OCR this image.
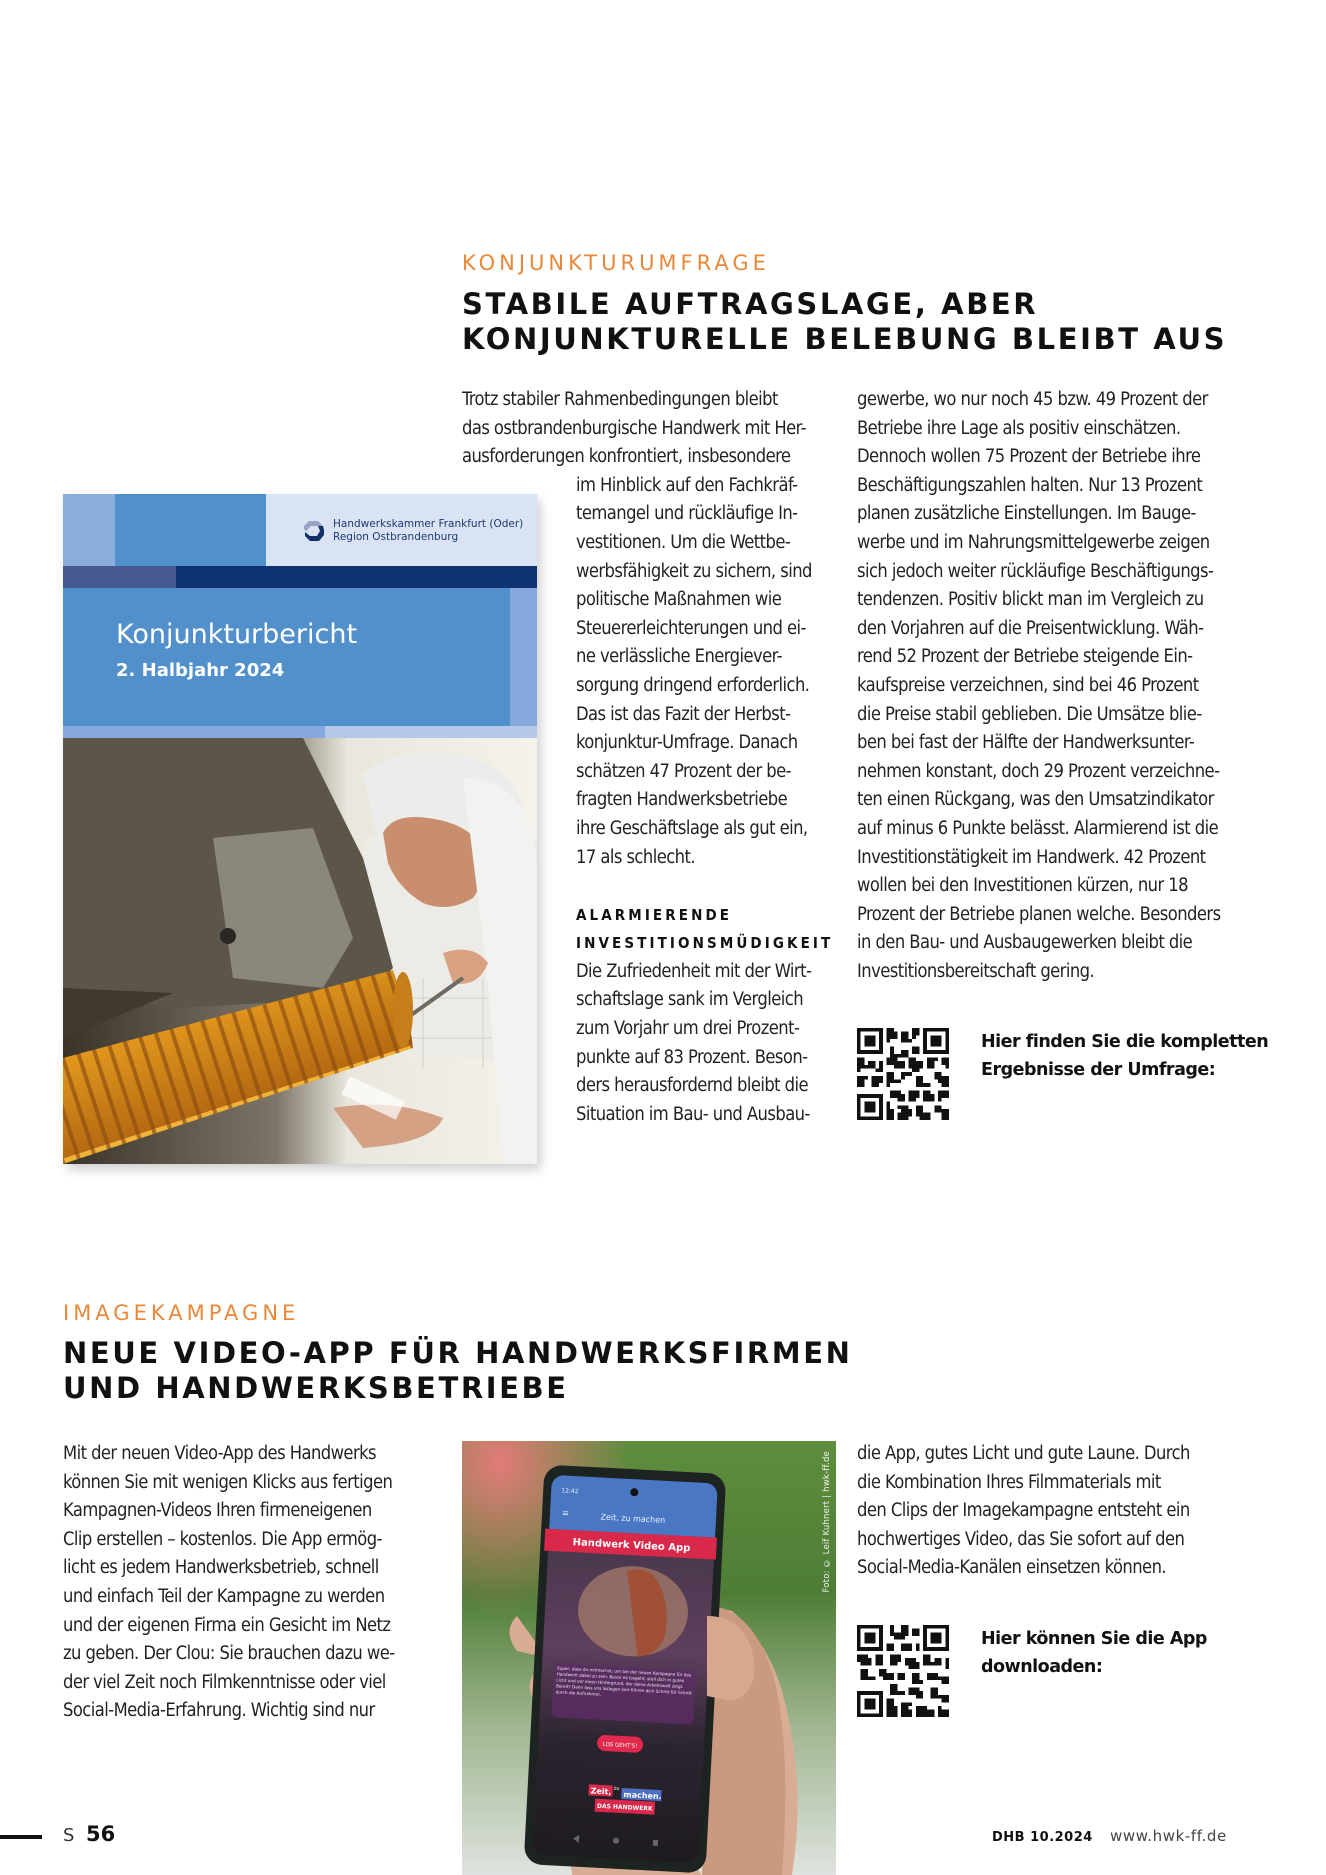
KONJUNKTURUMFRAGE
STABILE AUFTRAGSLAGE, ABER
KONJUNKTURELLE BELEBUNG BLEIBT AUS
Trotz stabiler Rahmenbedingungen bleibt
das ostbrandenburgische Handwerk mit Her-
ausforderungen konfrontiert, insbesondere
im Hinblick auf den Fachkräf-
temangel und rückläufige In-
vestitionen. Um die Wettbe-
werbsfähigkeit zu sichern, sind
politische Maßnahmen wie
Steuererleichterungen und ei-
ne verlässliche Energiever-
sorgung dringend erforderlich.
Das ist das Fazit der Herbst-
konjunktur-Umfrage. Danach
schätzen 47 Prozent der be-
fragten Handwerksbetriebe
ihre Geschäftslage als gut ein,
17 als schlecht.
ALARMIERENDE
INVESTITIONSMÜDIGKEIT
Die Zufriedenheit mit der Wirt-
schaftslage sank im Vergleich
zum Vorjahr um drei Prozent-
punkte auf 83 Prozent. Beson-
ders herausfordernd bleibt die
Situation im Bau- und Ausbau-
gewerbe, wo nur noch 45 bzw. 49 Prozent der
Betriebe ihre Lage als positiv einschätzen.
Dennoch wollen 75 Prozent der Betriebe ihre
Beschäftigungszahlen halten. Nur 13 Prozent
planen zusätzliche Einstellungen. Im Bauge-
werbe und im Nahrungsmittelgewerbe zeigen
sich jedoch weiter rückläufige Beschäftigungs-
tendenzen. Positiv blickt man im Vergleich zu
den Vorjahren auf die Preisentwicklung. Wäh-
rend 52 Prozent der Betriebe steigende Ein-
kaufspreise verzeichnen, sind bei 46 Prozent
die Preise stabil geblieben. Die Umsätze blie-
ben bei fast der Hälfte der Handwerksunter-
nehmen konstant, doch 29 Prozent verzeichne-
ten einen Rückgang, was den Umsatzindikator
auf minus 6 Punkte belässt. Alarmierend ist die
Investitionstätigkeit im Handwerk. 42 Prozent
wollen bei den Investitionen kürzen, nur 18
Prozent der Betriebe planen welche. Besonders
in den Bau- und Ausbaugewerken bleibt die
Investitionsbereitschaft gering.
Hier finden Sie die kompletten
Ergebnisse der Umfrage:
Handwerkskammer Frankfurt (Oder)
Region Ostbrandenburg
Konjunkturbericht
2. Halbjahr 2024
IMAGEKAMPAGNE
NEUE VIDEO-APP FÜR HANDWERKSFIRMEN
UND HANDWERKSBETRIEBE
Mit der neuen Video-App des Handwerks
können Sie mit wenigen Klicks aus fertigen
Kampagnen-Videos Ihren firmeneigenen
Clip erstellen – kostenlos. Die App ermög-
licht es jedem Handwerksbetrieb, schnell
und einfach Teil der Kampagne zu werden
und der eigenen Firma ein Gesicht im Netz
zu geben. Der Clou: Sie brauchen dazu we-
der viel Zeit noch Filmkenntnisse oder viel
Social-Media-Erfahrung. Wichtig sind nur
12:42
≡	Zeit, zu machen
Handwerk Video App
Super, dass du mitmachst, um bei der neuen Kampagne für das Handwerk dabei zu sein. Bevor es losgeht, stell dich in gutes Licht und vor einen Hintergrund, der deine Arbeitswelt zeigt. Bereit? Dann lass uns loslegen (wir führen dich Schritt für Schritt durch die Aufnahme).
LOS GEHT'S!
Zeit, zu
machen.
DAS HANDWERK
Foto: © Leif Kuhnert | hwk-ff.de die App, gutes Licht und gute Laune. Durch
die Kombination Ihres Filmmaterials mit
den Clips der Imagekampagne entsteht ein
hochwertiges Video, das Sie sofort auf den
Social-Media-Kanälen einsetzen können.
Hier können Sie die App
downloaden:
S 56	DHB 10.2024 www.hwk-ff.de
